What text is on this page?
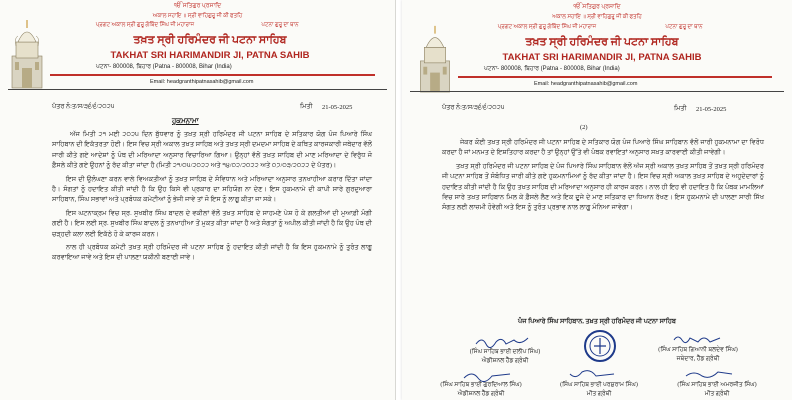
ੴ ਸਤਿਗੁਰ ਪ੍ਰਸਾਦਿ
ਅਕਾਲ ਸਹਾਇ ॥ ਸ੍ਰੀ ਵਾਹਿਗੁਰੂ ਜੀ ਕੀ ਫਤਹਿ
ਪ੍ਰਗਟ ਅਕਾਲ ਸ੍ਰੀ ਗੁਰੂ ਗੋਬਿੰਦ ਸਿੰਘ ਜੀ ਮਹਾਰਾਜ	ਪਟਨਾ ਗੁਰੂ ਦਾ ਥਾਨ
ਤਖ਼ਤ ਸ੍ਰੀ ਹਰਿਮੰਦਰ ਜੀ ਪਟਨਾ ਸਾਹਿਬ
TAKHAT SRI HARIMANDIR JI, PATNA SAHIB
ਪਟਨਾ- 800008, ਬਿਹਾਰ (Patna - 800008, Bihar (India)
Email: headgranthipatnasahib@gmail.com
ਪੱਤਰ ਨੰ:ਤ/ਸ/੩੬/੬/੨੦੨੫	ਮਿਤੀ 21-05-2025
ਹੁਕਮਨਾਮਾ

ਅੱਜ ਮਿਤੀ ੨੧ ਮਈ ੨੦੨੫ ਦਿਨ ਬੁੱਧਵਾਰ ਨੂੰ ਤਖ਼ਤ ਸ੍ਰੀ ਹਰਿਮੰਦਰ ਜੀ ਪਟਨਾ ਸਾਹਿਬ ਦੇ ਸਤਿਕਾਰ ਯੋਗ ਪੰਜ ਪਿਆਰੇ ਸਿੰਘ ਸਾਹਿਬਾਨ ਦੀ ਇਕੱਤਰਤਾ ਹੋਈ। ਇਸ ਵਿਚ ਸ੍ਰੀ ਅਕਾਲ ਤਖ਼ਤ ਸਾਹਿਬ ਅਤੇ ਤਖ਼ਤ ਸ੍ਰੀ ਦਮਦਮਾ ਸਾਹਿਬ ਦੇ ਕਥਿਤ ਕਾਰਜਕਾਰੀ ਜਥੇਦਾਰ ਵੱਲੋਂ ਜਾਰੀ ਕੀਤੇ ਗਏ ਆਦੇਸ਼ਾਂ ਨੂੰ ਪੰਥ ਦੀ ਮਰਿਆਦਾ ਅਨੁਸਾਰ ਵਿਚਾਰਿਆ ਗਿਆ। ਉਨ੍ਹਾਂ ਵੱਲੋਂ ਤਖ਼ਤ ਸਾਹਿਬ ਦੀ ਮਾਣ ਮਰਿਆਦਾ ਦੇ ਵਿਰੁੱਧ ਜੋ ਫ਼ੈਸਲੇ ਕੀਤੇ ਗਏ ਉਹਨਾਂ ਨੂੰ ਰੱਦ ਕੀਤਾ ਜਾਂਦਾ ਹੈ (ਮਿਤੀ ੨੧/੦੫/੨੦੨੨ ਅਤੇ ੧੪/੦੨/੨੦੨੨ ਅਤੇ ੦੭/੦੩/੨੦੨੨ ਦੇ ਪੱਤਰ)।

ਇਸ ਦੀ ਉਲੰਘਣਾ ਕਰਨ ਵਾਲੇ ਵਿਅਕਤੀਆਂ ਨੂੰ ਤਖ਼ਤ ਸਾਹਿਬ ਦੇ ਸੰਵਿਧਾਨ ਅਤੇ ਮਰਿਆਦਾ ਅਨੁਸਾਰ ਤਨਖਾਹੀਆ ਕਰਾਰ ਦਿੱਤਾ ਜਾਂਦਾ ਹੈ। ਸੰਗਤਾਂ ਨੂੰ ਹਦਾਇਤ ਕੀਤੀ ਜਾਂਦੀ ਹੈ ਕਿ ਉਹ ਕਿਸੇ ਵੀ ਪ੍ਰਕਾਰ ਦਾ ਸਹਿਯੋਗ ਨਾ ਦੇਣ। ਇਸ ਹੁਕਮਨਾਮੇ ਦੀ ਕਾਪੀ ਸਾਰੇ ਗੁਰਦੁਆਰਾ ਸਾਹਿਬਾਨ, ਸਿੰਘ ਸਭਾਵਾਂ ਅਤੇ ਪ੍ਰਬੰਧਕ ਕਮੇਟੀਆਂ ਨੂੰ ਭੇਜੀ ਜਾਵੇ ਤਾਂ ਜੋ ਇਸ ਨੂੰ ਲਾਗੂ ਕੀਤਾ ਜਾ ਸਕੇ।

ਇਸ ਘਟਨਾਕ੍ਰਮ ਵਿਚ ਸ੍ਰ. ਸੁਖਬੀਰ ਸਿੰਘ ਬਾਦਲ ਦੇ ਵਕੀਲਾਂ ਵੱਲੋਂ ਤਖ਼ਤ ਸਾਹਿਬ ਦੇ ਸਾਹਮਣੇ ਪੇਸ਼ ਹੋ ਕੇ ਗਲਤੀਆਂ ਦੀ ਮੁਆਫ਼ੀ ਮੰਗੀ ਗਈ ਹੈ। ਇਸ ਲਈ ਸ੍ਰ. ਸੁਖਬੀਰ ਸਿੰਘ ਬਾਦਲ ਨੂੰ ਤਨਖਾਹੀਆ ਤੋਂ ਮੁਕਤ ਕੀਤਾ ਜਾਂਦਾ ਹੈ ਅਤੇ ਸੰਗਤਾਂ ਨੂੰ ਅਪੀਲ ਕੀਤੀ ਜਾਂਦੀ ਹੈ ਕਿ ਉਹ ਪੰਥ ਦੀ ਚੜ੍ਹਦੀ ਕਲਾ ਲਈ ਇਕੱਠੇ ਹੋ ਕੇ ਕਾਰਜ ਕਰਨ।

ਨਾਲ ਹੀ ਪ੍ਰਬੰਧਕ ਕਮੇਟੀ ਤਖ਼ਤ ਸ੍ਰੀ ਹਰਿਮੰਦਰ ਜੀ ਪਟਨਾ ਸਾਹਿਬ ਨੂੰ ਹਦਾਇਤ ਕੀਤੀ ਜਾਂਦੀ ਹੈ ਕਿ ਇਸ ਹੁਕਮਨਾਮੇ ਨੂੰ ਤੁਰੰਤ ਲਾਗੂ ਕਰਵਾਇਆ ਜਾਵੇ ਅਤੇ ਇਸ ਦੀ ਪਾਲਣਾ ਯਕੀਨੀ ਬਣਾਈ ਜਾਵੇ।

ੴ ਸਤਿਗੁਰ ਪ੍ਰਸਾਦਿ
ਅਕਾਲ ਸਹਾਇ ॥ ਸ੍ਰੀ ਵਾਹਿਗੁਰੂ ਜੀ ਕੀ ਫਤਹਿ
ਪ੍ਰਗਟ ਅਕਾਲ ਸ੍ਰੀ ਗੁਰੂ ਗੋਬਿੰਦ ਸਿੰਘ ਜੀ ਮਹਾਰਾਜ	ਪਟਨਾ ਗੁਰੂ ਦਾ ਥਾਨ
ਤਖ਼ਤ ਸ੍ਰੀ ਹਰਿਮੰਦਰ ਜੀ ਪਟਨਾ ਸਾਹਿਬ
TAKHAT SRI HARIMANDIR JI, PATNA SAHIB
ਪਟਨਾ- 800008, ਬਿਹਾਰ (Patna - 800008, Bihar (India)
Email: headgranthipatnasahib@gmail.com
ਪੱਤਰ ਨੰ:ਤ/ਸ/੩੬/੬/੨੦੨੫	ਮਿਤੀ 21-05-2025
(2)

ਜੇਕਰ ਕੋਈ ਤਖ਼ਤ ਸ੍ਰੀ ਹਰਿਮੰਦਰ ਜੀ ਪਟਨਾ ਸਾਹਿਬ ਦੇ ਸਤਿਕਾਰ ਯੋਗ ਪੰਜ ਪਿਆਰੇ ਸਿੰਘ ਸਾਹਿਬਾਨ ਵੱਲੋਂ ਜਾਰੀ ਹੁਕਮਨਾਮਾ ਦਾ ਵਿਰੋਧ ਕਰਦਾ ਹੈ ਜਾਂ ਮਨਮਤ ਦੇ ਇਸ਼ਤਿਹਾਰ ਕਰਦਾ ਹੈ ਤਾਂ ਉਨ੍ਹਾਂ ਉੱਤੇ ਵੀ ਪੰਥਕ ਰਵਾਇਤਾਂ ਅਨੁਸਾਰ ਸਖ਼ਤ ਕਾਰਵਾਈ ਕੀਤੀ ਜਾਵੇਗੀ।

ਤਖ਼ਤ ਸ੍ਰੀ ਹਰਿਮੰਦਰ ਜੀ ਪਟਨਾ ਸਾਹਿਬ ਦੇ ਪੰਜ ਪਿਆਰੇ ਸਿੰਘ ਸਾਹਿਬਾਨ ਵੱਲੋਂ ਅੱਜ ਸ੍ਰੀ ਅਕਾਲ ਤਖ਼ਤ ਸਾਹਿਬ ਤੋਂ ਤਖ਼ਤ ਸ੍ਰੀ ਹਰਿਮੰਦਰ ਜੀ ਪਟਨਾ ਸਾਹਿਬ ਤੋਂ ਸੰਬੰਧਿਤ ਜਾਰੀ ਕੀਤੇ ਗਏ ਹੁਕਮਨਾਮਿਆਂ ਨੂੰ ਰੱਦ ਕੀਤਾ ਜਾਂਦਾ ਹੈ। ਇਸ ਵਿਚ ਸ੍ਰੀ ਅਕਾਲ ਤਖ਼ਤ ਸਾਹਿਬ ਦੇ ਅਹੁਦੇਦਾਰਾਂ ਨੂੰ ਹਦਾਇਤ ਕੀਤੀ ਜਾਂਦੀ ਹੈ ਕਿ ਉਹ ਤਖ਼ਤ ਸਾਹਿਬ ਦੀ ਮਰਿਆਦਾ ਅਨੁਸਾਰ ਹੀ ਕਾਰਜ ਕਰਨ। ਨਾਲ ਹੀ ਇਹ ਵੀ ਹਦਾਇਤ ਹੈ ਕਿ ਪੰਥਕ ਮਾਮਲਿਆਂ ਵਿਚ ਸਾਰੇ ਤਖ਼ਤ ਸਾਹਿਬਾਨ ਮਿਲ ਕੇ ਫ਼ੈਸਲੇ ਲੈਣ ਅਤੇ ਇਕ ਦੂਜੇ ਦੇ ਮਾਣ ਸਤਿਕਾਰ ਦਾ ਧਿਆਨ ਰੱਖਣ। ਇਸ ਹੁਕਮਨਾਮੇ ਦੀ ਪਾਲਣਾ ਸਾਰੀ ਸਿੱਖ ਸੰਗਤ ਲਈ ਲਾਜ਼ਮੀ ਹੋਵੇਗੀ ਅਤੇ ਇਸ ਨੂੰ ਤੁਰੰਤ ਪ੍ਰਭਾਵ ਨਾਲ ਲਾਗੂ ਮੰਨਿਆ ਜਾਵੇਗਾ।

ਪੰਜ ਪਿਆਰੇ ਸਿੰਘ ਸਾਹਿਬਾਨ, ਤਖ਼ਤ ਸ੍ਰੀ ਹਰਿਮੰਦਰ ਜੀ ਪਟਨਾ ਸਾਹਿਬ
(ਸਿੰਘ ਸਾਹਿਬ ਭਾਈ ਦਲੀਪ ਸਿੰਘ)
ਐਡੀਸ਼ਨਲ ਹੈੱਡ ਗ੍ਰੰਥੀ
(ਸਿੰਘ ਸਾਹਿਬ ਗਿਆਨੀ ਬਲਦੇਵ ਸਿੰਘ)
ਜਥੇਦਾਰ, ਹੈੱਡ ਗ੍ਰੰਥੀ
(ਸਿੰਘ ਸਾਹਿਬ ਭਾਈ ਗੁਰਦਿਆਲ ਸਿੰਘ)
ਐਡੀਸ਼ਨਲ ਹੈੱਡ ਗ੍ਰੰਥੀ
(ਸਿੰਘ ਸਾਹਿਬ ਭਾਈ ਪਰਸ਼ੁਰਾਮ ਸਿੰਘ)
ਮੀਤ ਗ੍ਰੰਥੀ
(ਸਿੰਘ ਸਾਹਿਬ ਭਾਈ ਅਮਰਜੀਤ ਸਿੰਘ)
ਮੀਤ ਗ੍ਰੰਥੀ
